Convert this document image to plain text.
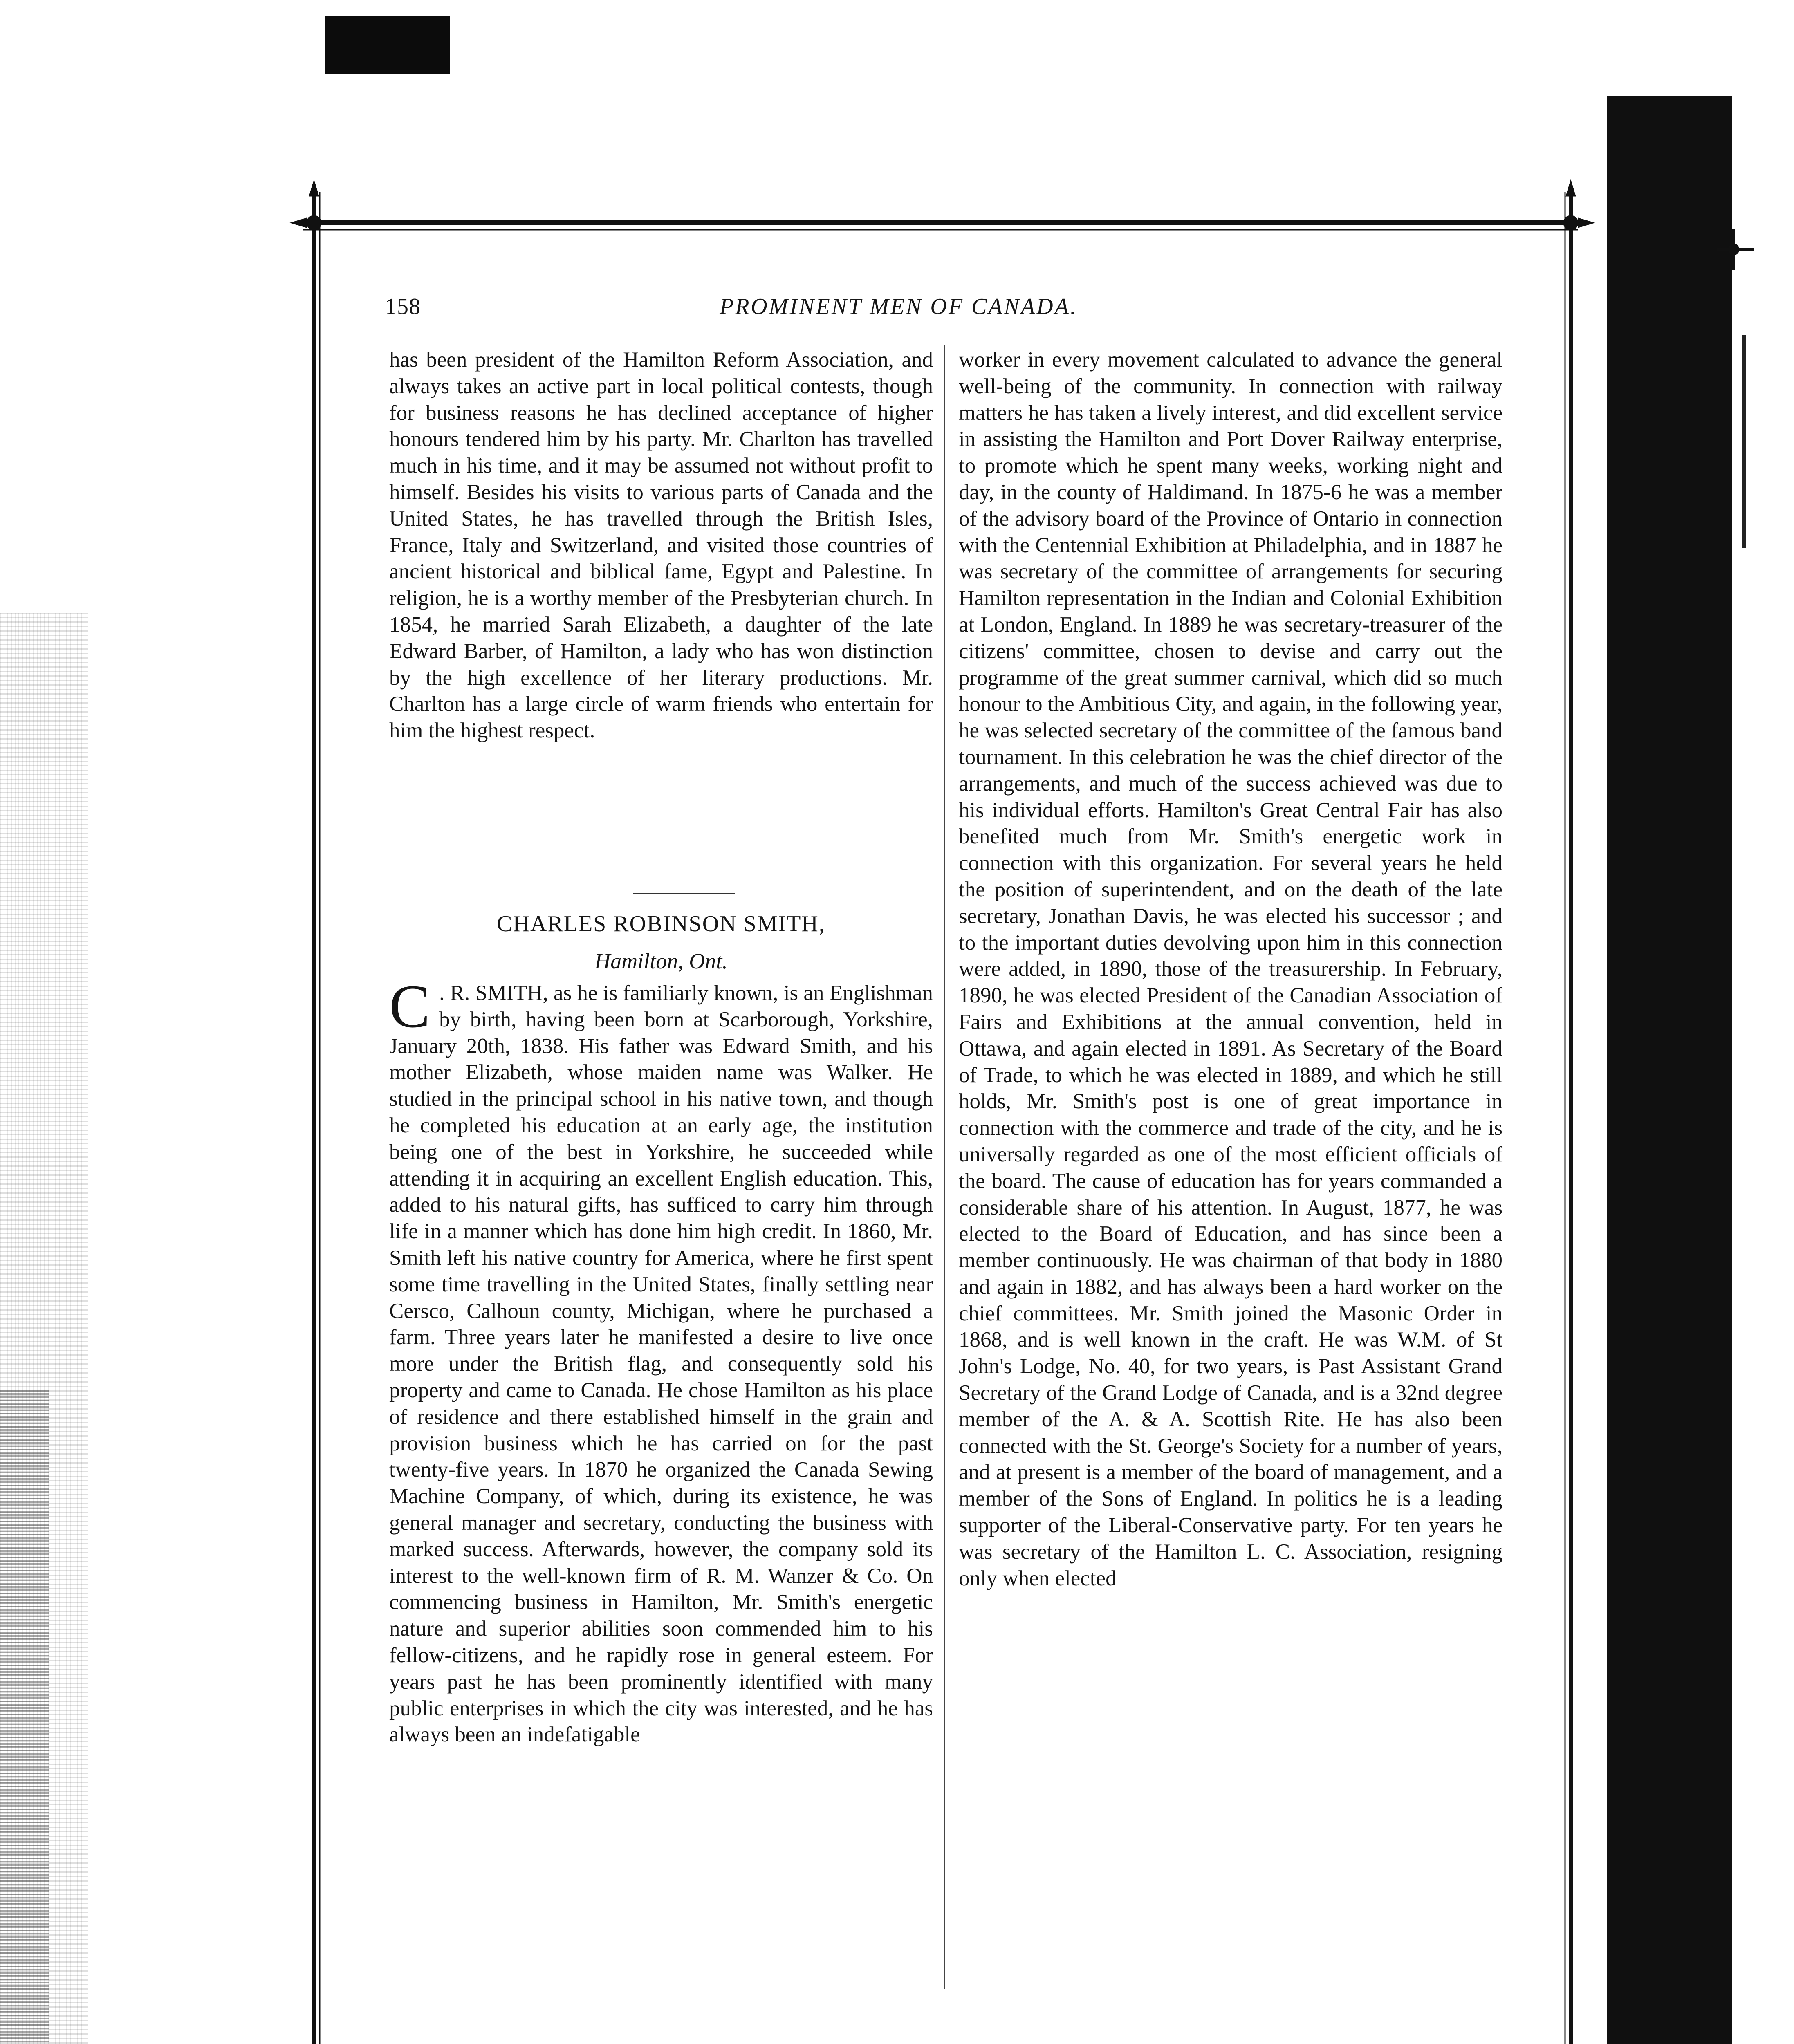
158	PROMINENT MEN OF CANADA.

has been president of the Hamilton Reform Association, and always takes an active part in local political contests, though for business reasons he has declined acceptance of higher honours tendered him by his party. Mr. Charlton has travelled much in his time, and it may be assumed not without profit to himself. Besides his visits to various parts of Canada and the United States, he has travelled through the British Isles, France, Italy and Switzerland, and visited those countries of ancient historical and biblical fame, Egypt and Palestine. In religion, he is a worthy member of the Presbyterian church. In 1854, he married Sarah Elizabeth, a daughter of the late Edward Barber, of Hamilton, a lady who has won distinction by the high excellence of her literary productions. Mr. Charlton has a large circle of warm friends who entertain for him the highest respect.

CHARLES ROBINSON SMITH,
Hamilton, Ont.
C . R. SMITH, as he is familiarly known, is an Englishman by birth, having been born at Scarborough, Yorkshire, January 20th, 1838. His father was Edward Smith, and his mother Elizabeth, whose maiden name was Walker. He studied in the principal school in his native town, and though he completed his education at an early age, the institution being one of the best in Yorkshire, he succeeded while attending it in acquiring an excellent English education. This, added to his natural gifts, has sufficed to carry him through life in a manner which has done him high credit. In 1860, Mr. Smith left his native country for America, where he first spent some time travelling in the United States, finally settling near Cersco, Calhoun county, Michigan, where he purchased a farm. Three years later he manifested a desire to live once more under the British flag, and consequently sold his property and came to Canada. He chose Hamilton as his place of residence and there established himself in the grain and provision business which he has carried on for the past twenty-five years. In 1870 he organized the Canada Sewing Machine Company, of which, during its existence, he was general manager and secretary, conducting the business with marked success. Afterwards, however, the company sold its interest to the well-known firm of R. M. Wanzer & Co. On commencing business in Hamilton, Mr. Smith's energetic nature and superior abilities soon commended him to his fellow-citizens, and he rapidly rose in general esteem. For years past he has been prominently identified with many public enterprises in which the city was interested, and he has always been an indefatigable

worker in every movement calculated to advance the general well-being of the community. In connection with railway matters he has taken a lively interest, and did excellent service in assisting the Hamilton and Port Dover Railway enterprise, to promote which he spent many weeks, working night and day, in the county of Haldimand. In 1875-6 he was a member of the advisory board of the Province of Ontario in connection with the Centennial Exhibition at Philadelphia, and in 1887 he was secretary of the committee of arrangements for securing Hamilton representation in the Indian and Colonial Exhibition at London, England. In 1889 he was secretary-treasurer of the citizens' committee, chosen to devise and carry out the programme of the great summer carnival, which did so much honour to the Ambitious City, and again, in the following year, he was selected secretary of the committee of the famous band tournament. In this celebration he was the chief director of the arrangements, and much of the success achieved was due to his individual efforts. Hamilton's Great Central Fair has also benefited much from Mr. Smith's energetic work in connection with this organization. For several years he held the position of superintendent, and on the death of the late secretary, Jonathan Davis, he was elected his successor ; and to the important duties devolving upon him in this connection were added, in 1890, those of the treasurership. In February, 1890, he was elected President of the Canadian Association of Fairs and Exhibitions at the annual convention, held in Ottawa, and again elected in 1891. As Secretary of the Board of Trade, to which he was elected in 1889, and which he still holds, Mr. Smith's post is one of great importance in connection with the commerce and trade of the city, and he is universally regarded as one of the most efficient officials of the board. The cause of education has for years commanded a considerable share of his attention. In August, 1877, he was elected to the Board of Education, and has since been a member continuously. He was chairman of that body in 1880 and again in 1882, and has always been a hard worker on the chief committees. Mr. Smith joined the Masonic Order in 1868, and is well known in the craft. He was W.M. of St John's Lodge, No. 40, for two years, is Past Assistant Grand Secretary of the Grand Lodge of Canada, and is a 32nd degree member of the A. & A. Scottish Rite. He has also been connected with the St. George's Society for a number of years, and at present is a member of the board of management, and a member of the Sons of England. In politics he is a leading supporter of the Liberal-Conservative party. For ten years he was secretary of the Hamilton L. C. Association, resigning only when elected
